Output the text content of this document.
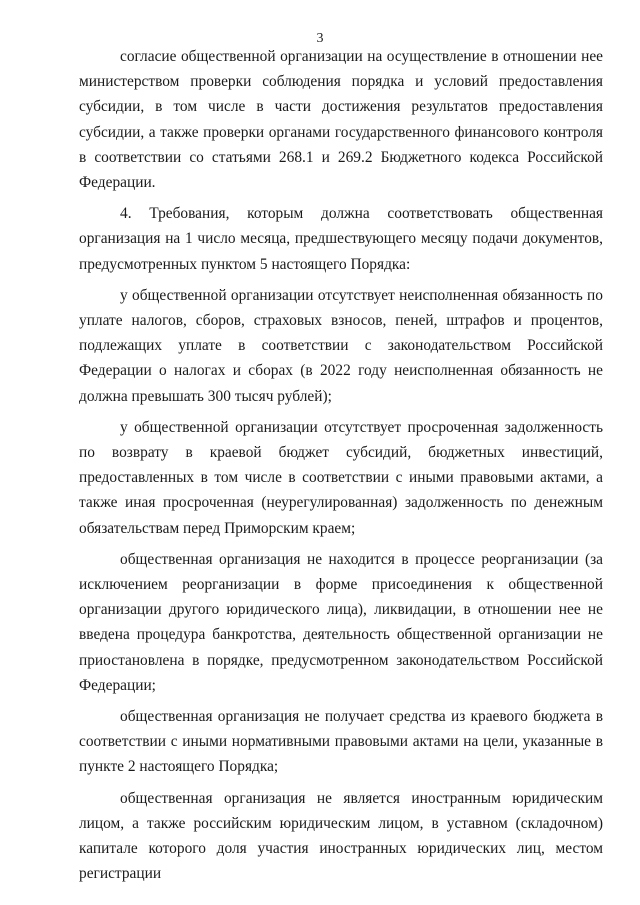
3

согласие общественной организации на осуществление в отношении нее министерством проверки соблюдения порядка и условий предоставления субсидии, в том числе в части достижения результатов предоставления субсидии, а также проверки органами государственного финансового контроля в соответствии со статьями 268.1 и 269.2 Бюджетного кодекса Российской Федерации.

4. Требования, которым должна соответствовать общественная организация на 1 число месяца, предшествующего месяцу подачи документов, предусмотренных пунктом 5 настоящего Порядка:

у общественной организации отсутствует неисполненная обязанность по уплате налогов, сборов, страховых взносов, пеней, штрафов и процентов, подлежащих уплате в соответствии с законодательством Российской Федерации о налогах и сборах (в 2022 году неисполненная обязанность не должна превышать 300 тысяч рублей);

у общественной организации отсутствует просроченная задолженность по возврату в краевой бюджет субсидий, бюджетных инвестиций, предоставленных в том числе в соответствии с иными правовыми актами, а также иная просроченная (неурегулированная) задолженность по денежным обязательствам перед Приморским краем;

общественная организация не находится в процессе реорганизации (за исключением реорганизации в форме присоединения к общественной организации другого юридического лица), ликвидации, в отношении нее не введена процедура банкротства, деятельность общественной организации не приостановлена в порядке, предусмотренном законодательством Российской Федерации;

общественная организация не получает средства из краевого бюджета в соответствии с иными нормативными правовыми актами на цели, указанные в пункте 2 настоящего Порядка;

общественная организация не является иностранным юридическим лицом, а также российским юридическим лицом, в уставном (складочном) капитале которого доля участия иностранных юридических лиц, местом регистрации
